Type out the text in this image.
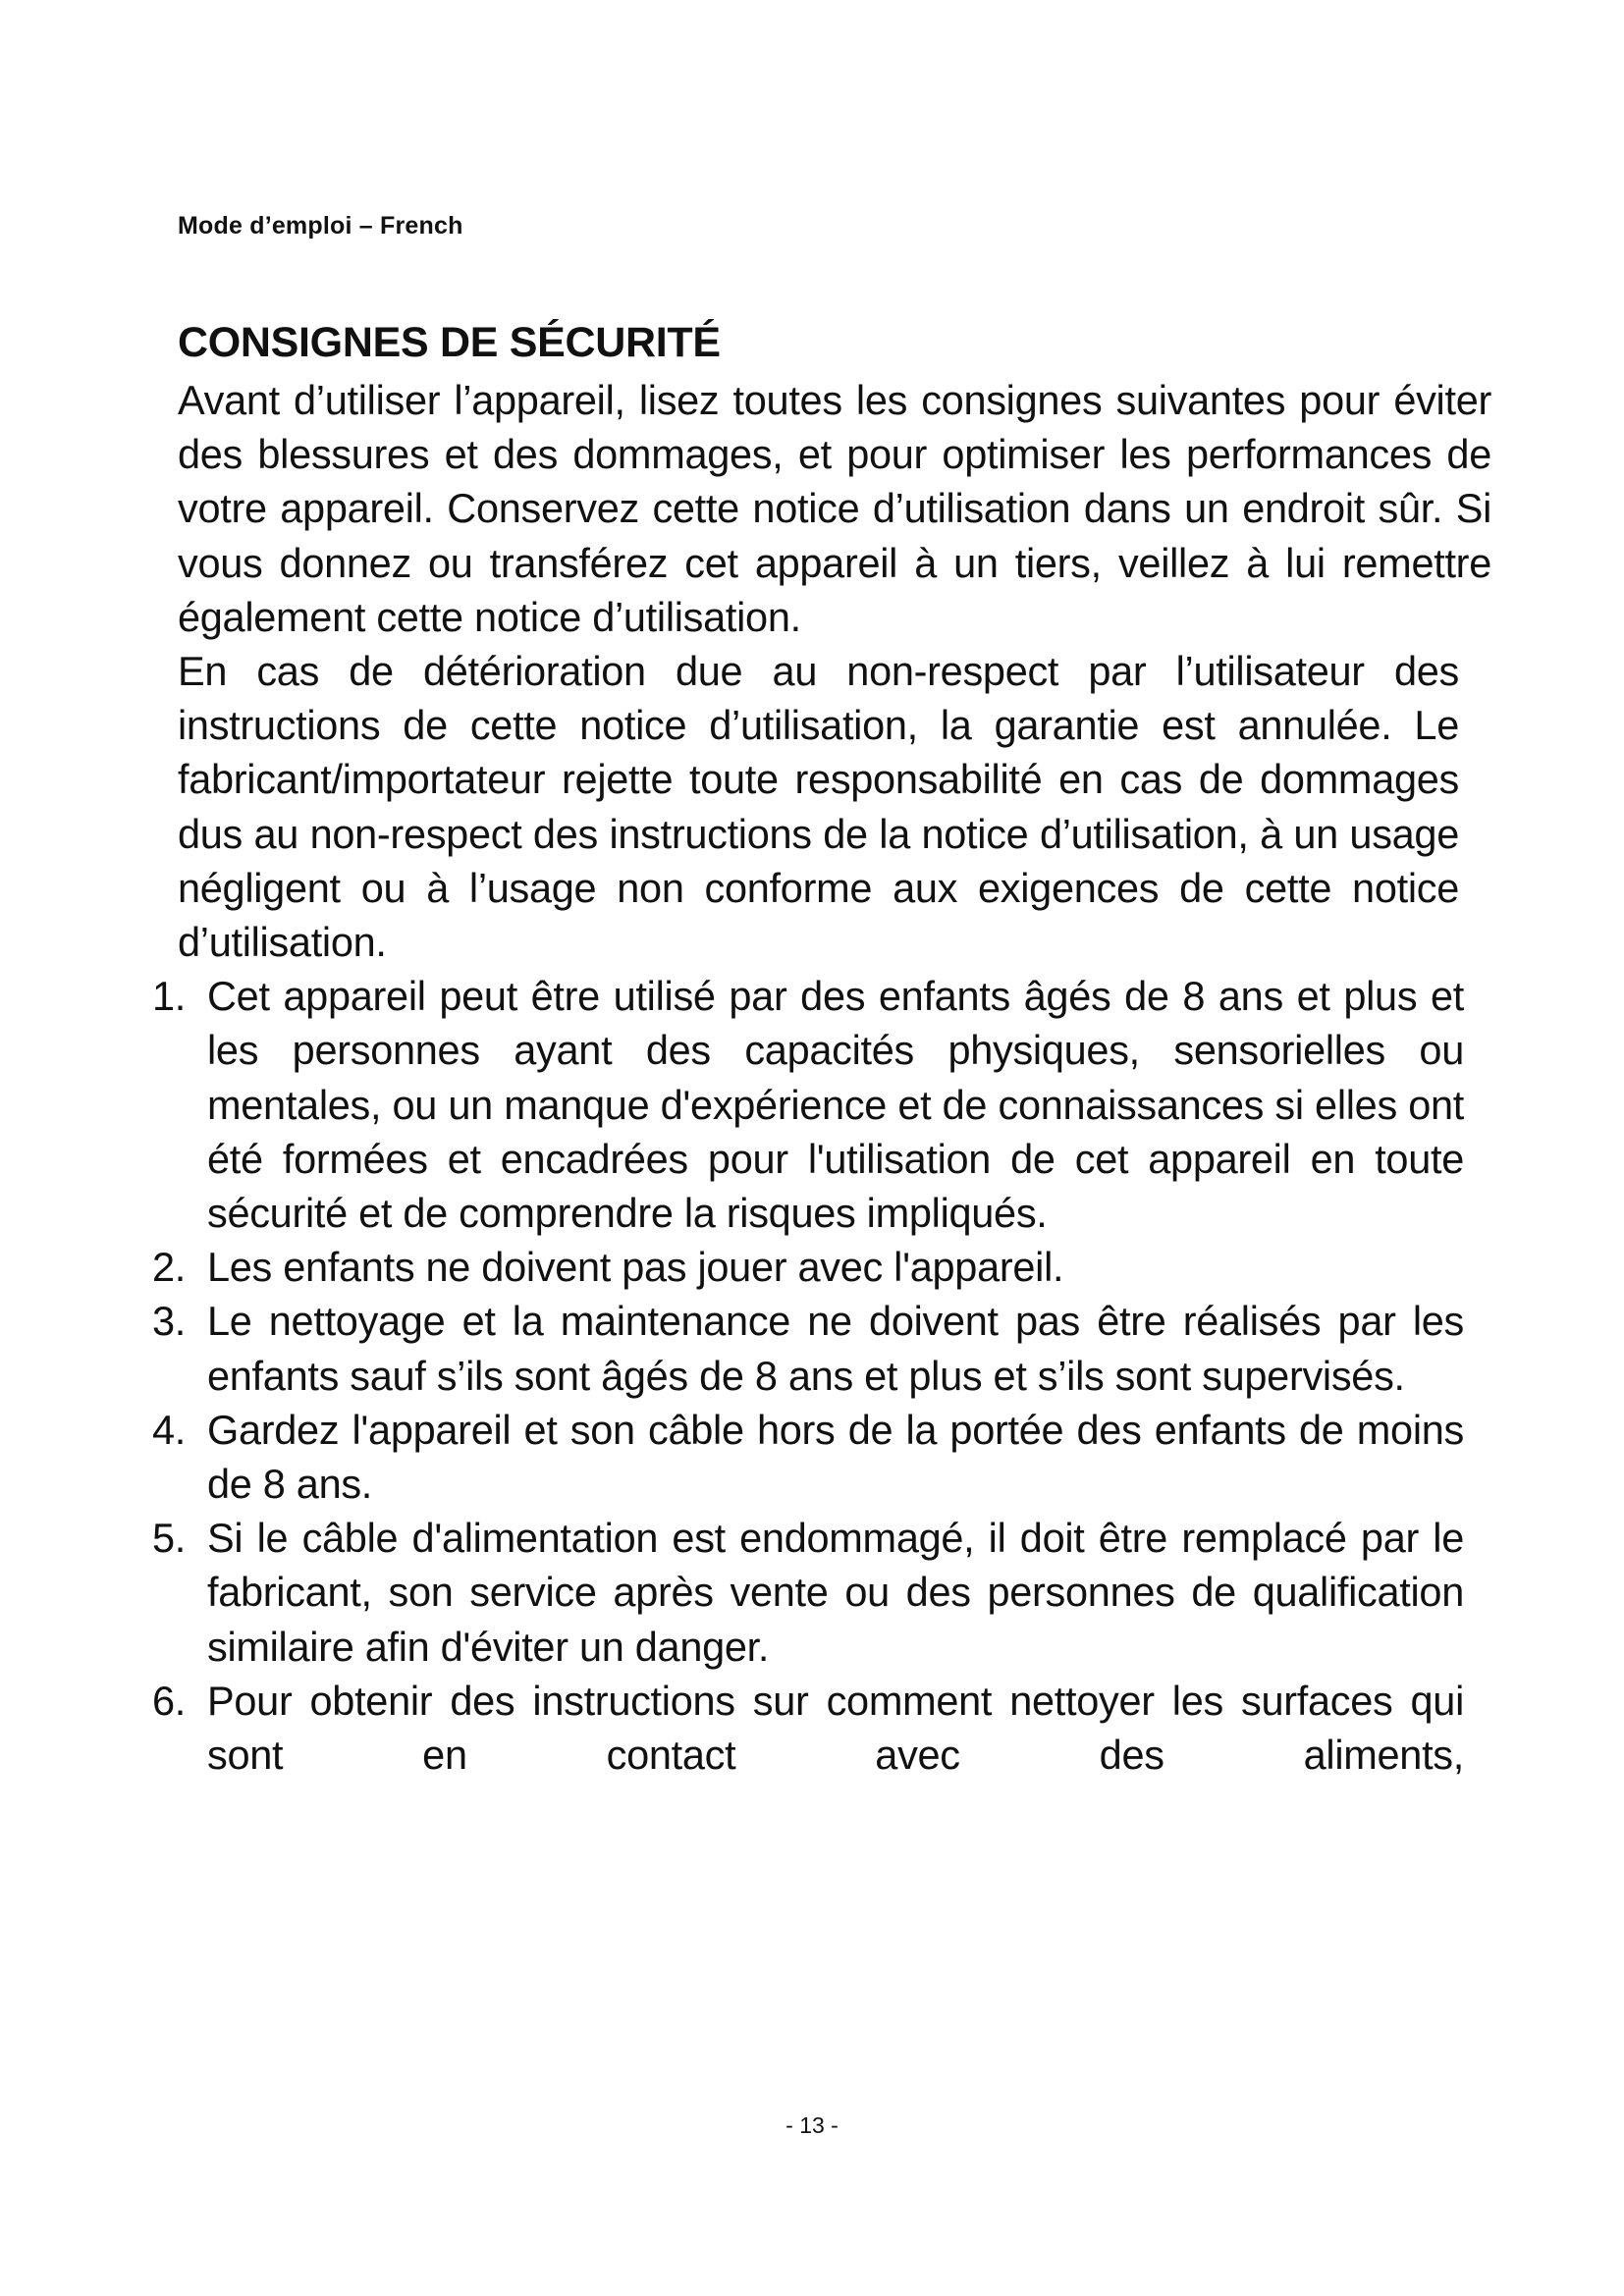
Mode d’emploi – French
CONSIGNES DE SÉCURITÉ

Avant d’utiliser l’appareil, lisez toutes les consignes suivantes pour éviter des blessures et des dommages, et pour optimiser les performances de votre appareil. Conservez cette notice d’utilisation dans un endroit sûr. Si vous donnez ou transférez cet appareil à un tiers, veillez à lui remettre également cette notice d’utilisation.

En cas de détérioration due au non-respect par l’utilisateur des instructions de cette notice d’utilisation, la garantie est annulée. Le fabricant/importateur rejette toute responsabilité en cas de dommages dus au non-respect des instructions de la notice d’utilisation, à un usage négligent ou à l’usage non conforme aux exigences de cette notice d’utilisation.

1. Cet appareil peut être utilisé par des enfants âgés de 8 ans et plus et les personnes ayant des capacités physiques, sensorielles ou mentales, ou un manque d'expérience et de connaissances si elles ont été formées et encadrées pour l'utilisation de cet appareil en toute sécurité et de comprendre la risques impliqués.
2. Les enfants ne doivent pas jouer avec l'appareil.
3. Le nettoyage et la maintenance ne doivent pas être réalisés par les enfants sauf s’ils sont âgés de 8 ans et plus et s’ils sont supervisés.
4. Gardez l'appareil et son câble hors de la portée des enfants de moins de 8 ans.
5. Si le câble d'alimentation est endommagé, il doit être remplacé par le fabricant, son service après vente ou des personnes de qualification similaire afin d'éviter un danger.
6. Pour obtenir des instructions sur comment nettoyer les surfaces qui sont en contact avec des aliments,
- 13 -
